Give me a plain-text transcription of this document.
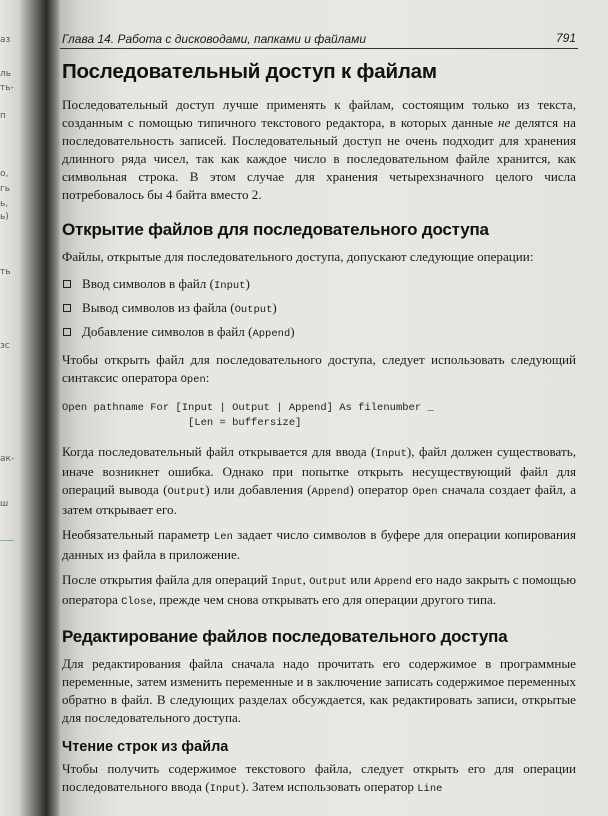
аз
ль
ть-
п
о,
гь
ь,
ь)
ть
зс
ак-
ш
Глава 14. Работа с дисководами, папками и файлами	791
Последовательный доступ к файлам

Последовательный доступ лучше применять к файлам, состоящим только из текста, созданным с помощью типичного текстового редактора, в которых данные не делятся на последовательность записей. Последовательный доступ не очень подходит для хранения длинного ряда чисел, так как каждое число в последовательном файле хранится, как символьная строка. В этом случае для хранения четырехзначного целого числа потребовалось бы 4 байта вместо 2.

Открытие файлов для последовательного доступа

Файлы, открытые для последовательного доступа, допускают следующие операции:

Ввод символов в файл (Input)
Вывод символов из файла (Output)
Добавление символов в файл (Append)

Чтобы открыть файл для последовательного доступа, следует использовать следующий синтаксис оператора Open:

Open pathname For [Input | Output | Append] As filenumber _
[Len = buffersize]

Когда последовательный файл открывается для ввода (Input), файл должен существовать, иначе возникнет ошибка. Однако при попытке открыть несуществующий файл для операций вывода (Output) или добавления (Append) оператор Open сначала создает файл, а затем открывает его.

Необязательный параметр Len задает число символов в буфере для операции копирования данных из файла в приложение.

После открытия файла для операций Input, Output или Append его надо закрыть с помощью оператора Close, прежде чем снова открывать его для операции другого типа.

Редактирование файлов последовательного доступа

Для редактирования файла сначала надо прочитать его содержимое в программные переменные, затем изменить переменные и в заключение записать содержимое переменных обратно в файл. В следующих разделах обсуждается, как редактировать записи, открытые для последовательного доступа.

Чтение строк из файла

Чтобы получить содержимое текстового файла, следует открыть его для операции последовательного ввода (Input). Затем использовать оператор Line
